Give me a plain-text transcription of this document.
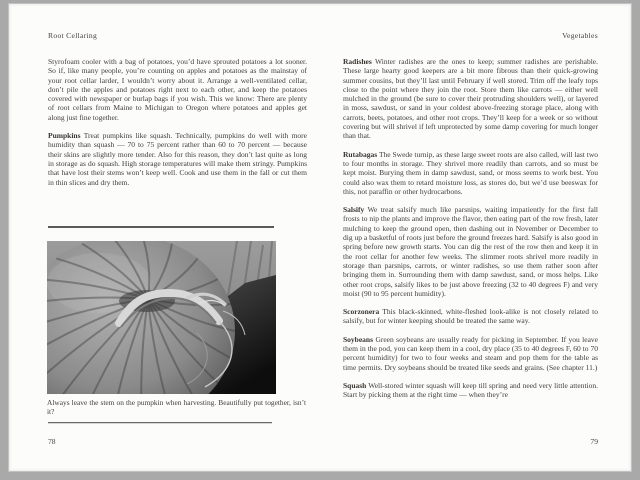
Root Cellaring

Styrofoam cooler with a bag of potatoes, you’d have sprouted potatoes a lot sooner. So if, like many people, you’re counting on apples and potatoes as the mainstay of your root cellar larder, I wouldn’t worry about it. Arrange a well-ventilated cellar, don’t pile the apples and potatoes right next to each other, and keep the potatoes covered with newspaper or burlap bags if you wish. This we know: There are plenty of root cellars from Maine to Michigan to Oregon where potatoes and apples get along just fine together.

Pumpkins Treat pumpkins like squash. Technically, pumpkins do well with more humidity than squash — 70 to 75 percent rather than 60 to 70 percent — because their skins are slightly more tender. Also for this reason, they don’t last quite as long in storage as do squash. High storage temperatures will make them stringy. Pumpkins that have lost their stems won’t keep well. Cook and use them in the fall or cut them in thin slices and dry them.

Always leave the stem on the pumpkin when harvesting. Beautifully put together, isn’t it?
78
Vegetables

Radishes Winter radishes are the ones to keep; summer radishes are perishable. These large hearty good keepers are a bit more fibrous than their quick-growing summer cousins, but they’ll last until February if well stored. Trim off the leafy tops close to the point where they join the root. Store them like carrots — either well mulched in the ground (be sure to cover their protruding shoulders well), or layered in moss, sawdust, or sand in your coldest above-freezing storage place, along with carrots, beets, potatoes, and other root crops. They’ll keep for a week or so without covering but will shrivel if left unprotected by some damp covering for much longer than that.

Rutabagas The Swede turnip, as these large sweet roots are also called, will last two to four months in storage. They shrivel more readily than carrots, and so must be kept moist. Burying them in damp sawdust, sand, or moss seems to work best. You could also wax them to retard moisture loss, as stores do, but we’d use beeswax for this, not paraffin or other hydrocarbons.

Salsify We treat salsify much like parsnips, waiting impatiently for the first fall frosts to nip the plants and improve the flavor, then eating part of the row fresh, later mulching to keep the ground open, then dashing out in November or December to dig up a basketful of roots just before the ground freezes hard. Salsify is also good in spring before new growth starts. You can dig the rest of the row then and keep it in the root cellar for another few weeks. The slimmer roots shrivel more readily in storage than parsnips, carrots, or winter radishes, so use them rather soon after bringing them in. Surrounding them with damp sawdust, sand, or moss helps. Like other root crops, salsify likes to be just above freezing (32 to 40 degrees F) and very moist (90 to 95 percent humidity).

Scorzonera This black-skinned, white-fleshed look-alike is not closely related to salsify, but for winter keeping should be treated the same way.

Soybeans Green soybeans are usually ready for picking in September. If you leave them in the pod, you can keep them in a cool, dry place (35 to 40 degrees F, 60 to 70 percent humidity) for two to four weeks and steam and pop them for the table as time permits. Dry soybeans should be treated like seeds and grains. (See chapter 11.)

Squash Well-stored winter squash will keep till spring and need very little attention. Start by picking them at the right time — when they’re

79
